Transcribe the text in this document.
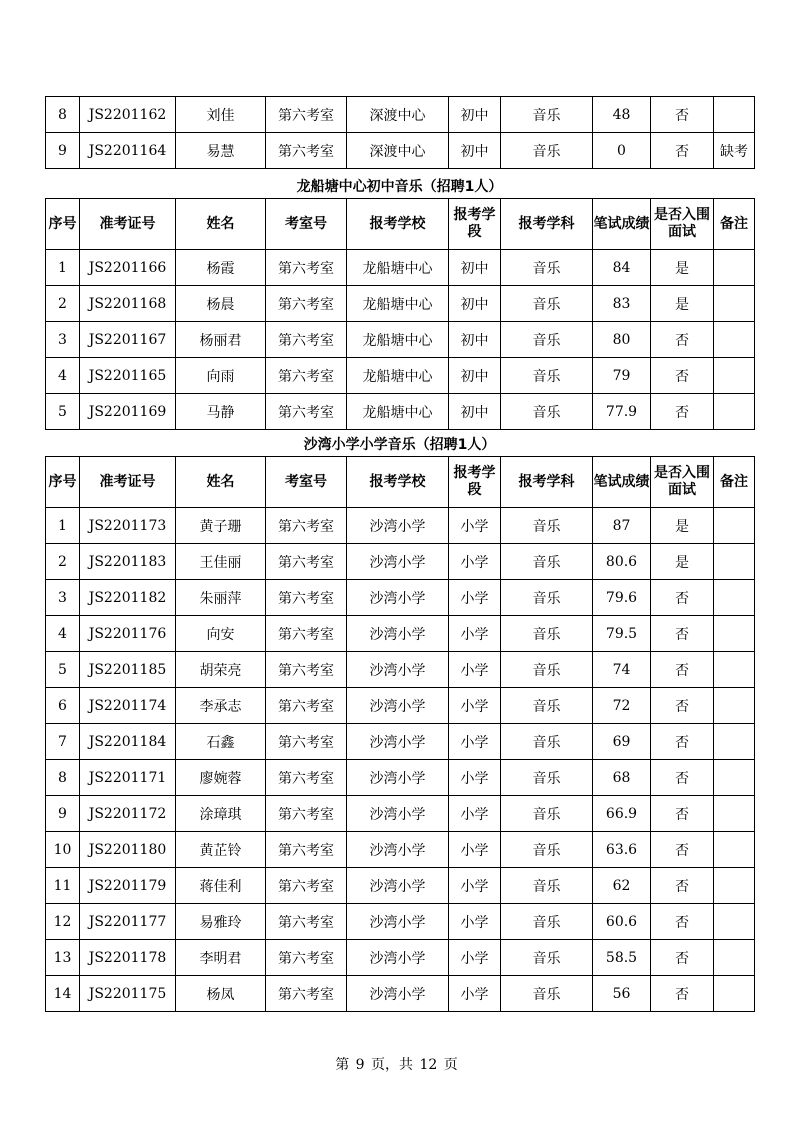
8	JS2201162	刘佳	第六考室	深渡中心	初中	音乐	48	否	
9	JS2201164	易慧	第六考室	深渡中心	初中	音乐	0	否	缺考
龙船塘中心初中音乐（招聘1人）
序号	准考证号	姓名	考室号	报考学校	报考学段	报考学科	笔试成绩	是否入围面试	备注
1	JS2201166	杨霞	第六考室	龙船塘中心	初中	音乐	84	是	
2	JS2201168	杨晨	第六考室	龙船塘中心	初中	音乐	83	是	
3	JS2201167	杨丽君	第六考室	龙船塘中心	初中	音乐	80	否	
4	JS2201165	向雨	第六考室	龙船塘中心	初中	音乐	79	否	
5	JS2201169	马静	第六考室	龙船塘中心	初中	音乐	77.9	否	
沙湾小学小学音乐（招聘1人）
序号	准考证号	姓名	考室号	报考学校	报考学段	报考学科	笔试成绩	是否入围面试	备注
1	JS2201173	黄子珊	第六考室	沙湾小学	小学	音乐	87	是	
2	JS2201183	王佳丽	第六考室	沙湾小学	小学	音乐	80.6	是	
3	JS2201182	朱丽萍	第六考室	沙湾小学	小学	音乐	79.6	否	
4	JS2201176	向安	第六考室	沙湾小学	小学	音乐	79.5	否	
5	JS2201185	胡荣亮	第六考室	沙湾小学	小学	音乐	74	否	
6	JS2201174	李承志	第六考室	沙湾小学	小学	音乐	72	否	
7	JS2201184	石鑫	第六考室	沙湾小学	小学	音乐	69	否	
8	JS2201171	廖婉蓉	第六考室	沙湾小学	小学	音乐	68	否	
9	JS2201172	涂璋琪	第六考室	沙湾小学	小学	音乐	66.9	否	
10	JS2201180	黄芷铃	第六考室	沙湾小学	小学	音乐	63.6	否	
11	JS2201179	蒋佳利	第六考室	沙湾小学	小学	音乐	62	否	
12	JS2201177	易雅玲	第六考室	沙湾小学	小学	音乐	60.6	否	
13	JS2201178	李明君	第六考室	沙湾小学	小学	音乐	58.5	否	
14	JS2201175	杨凤	第六考室	沙湾小学	小学	音乐	56	否	
第 9 页，共 12 页
